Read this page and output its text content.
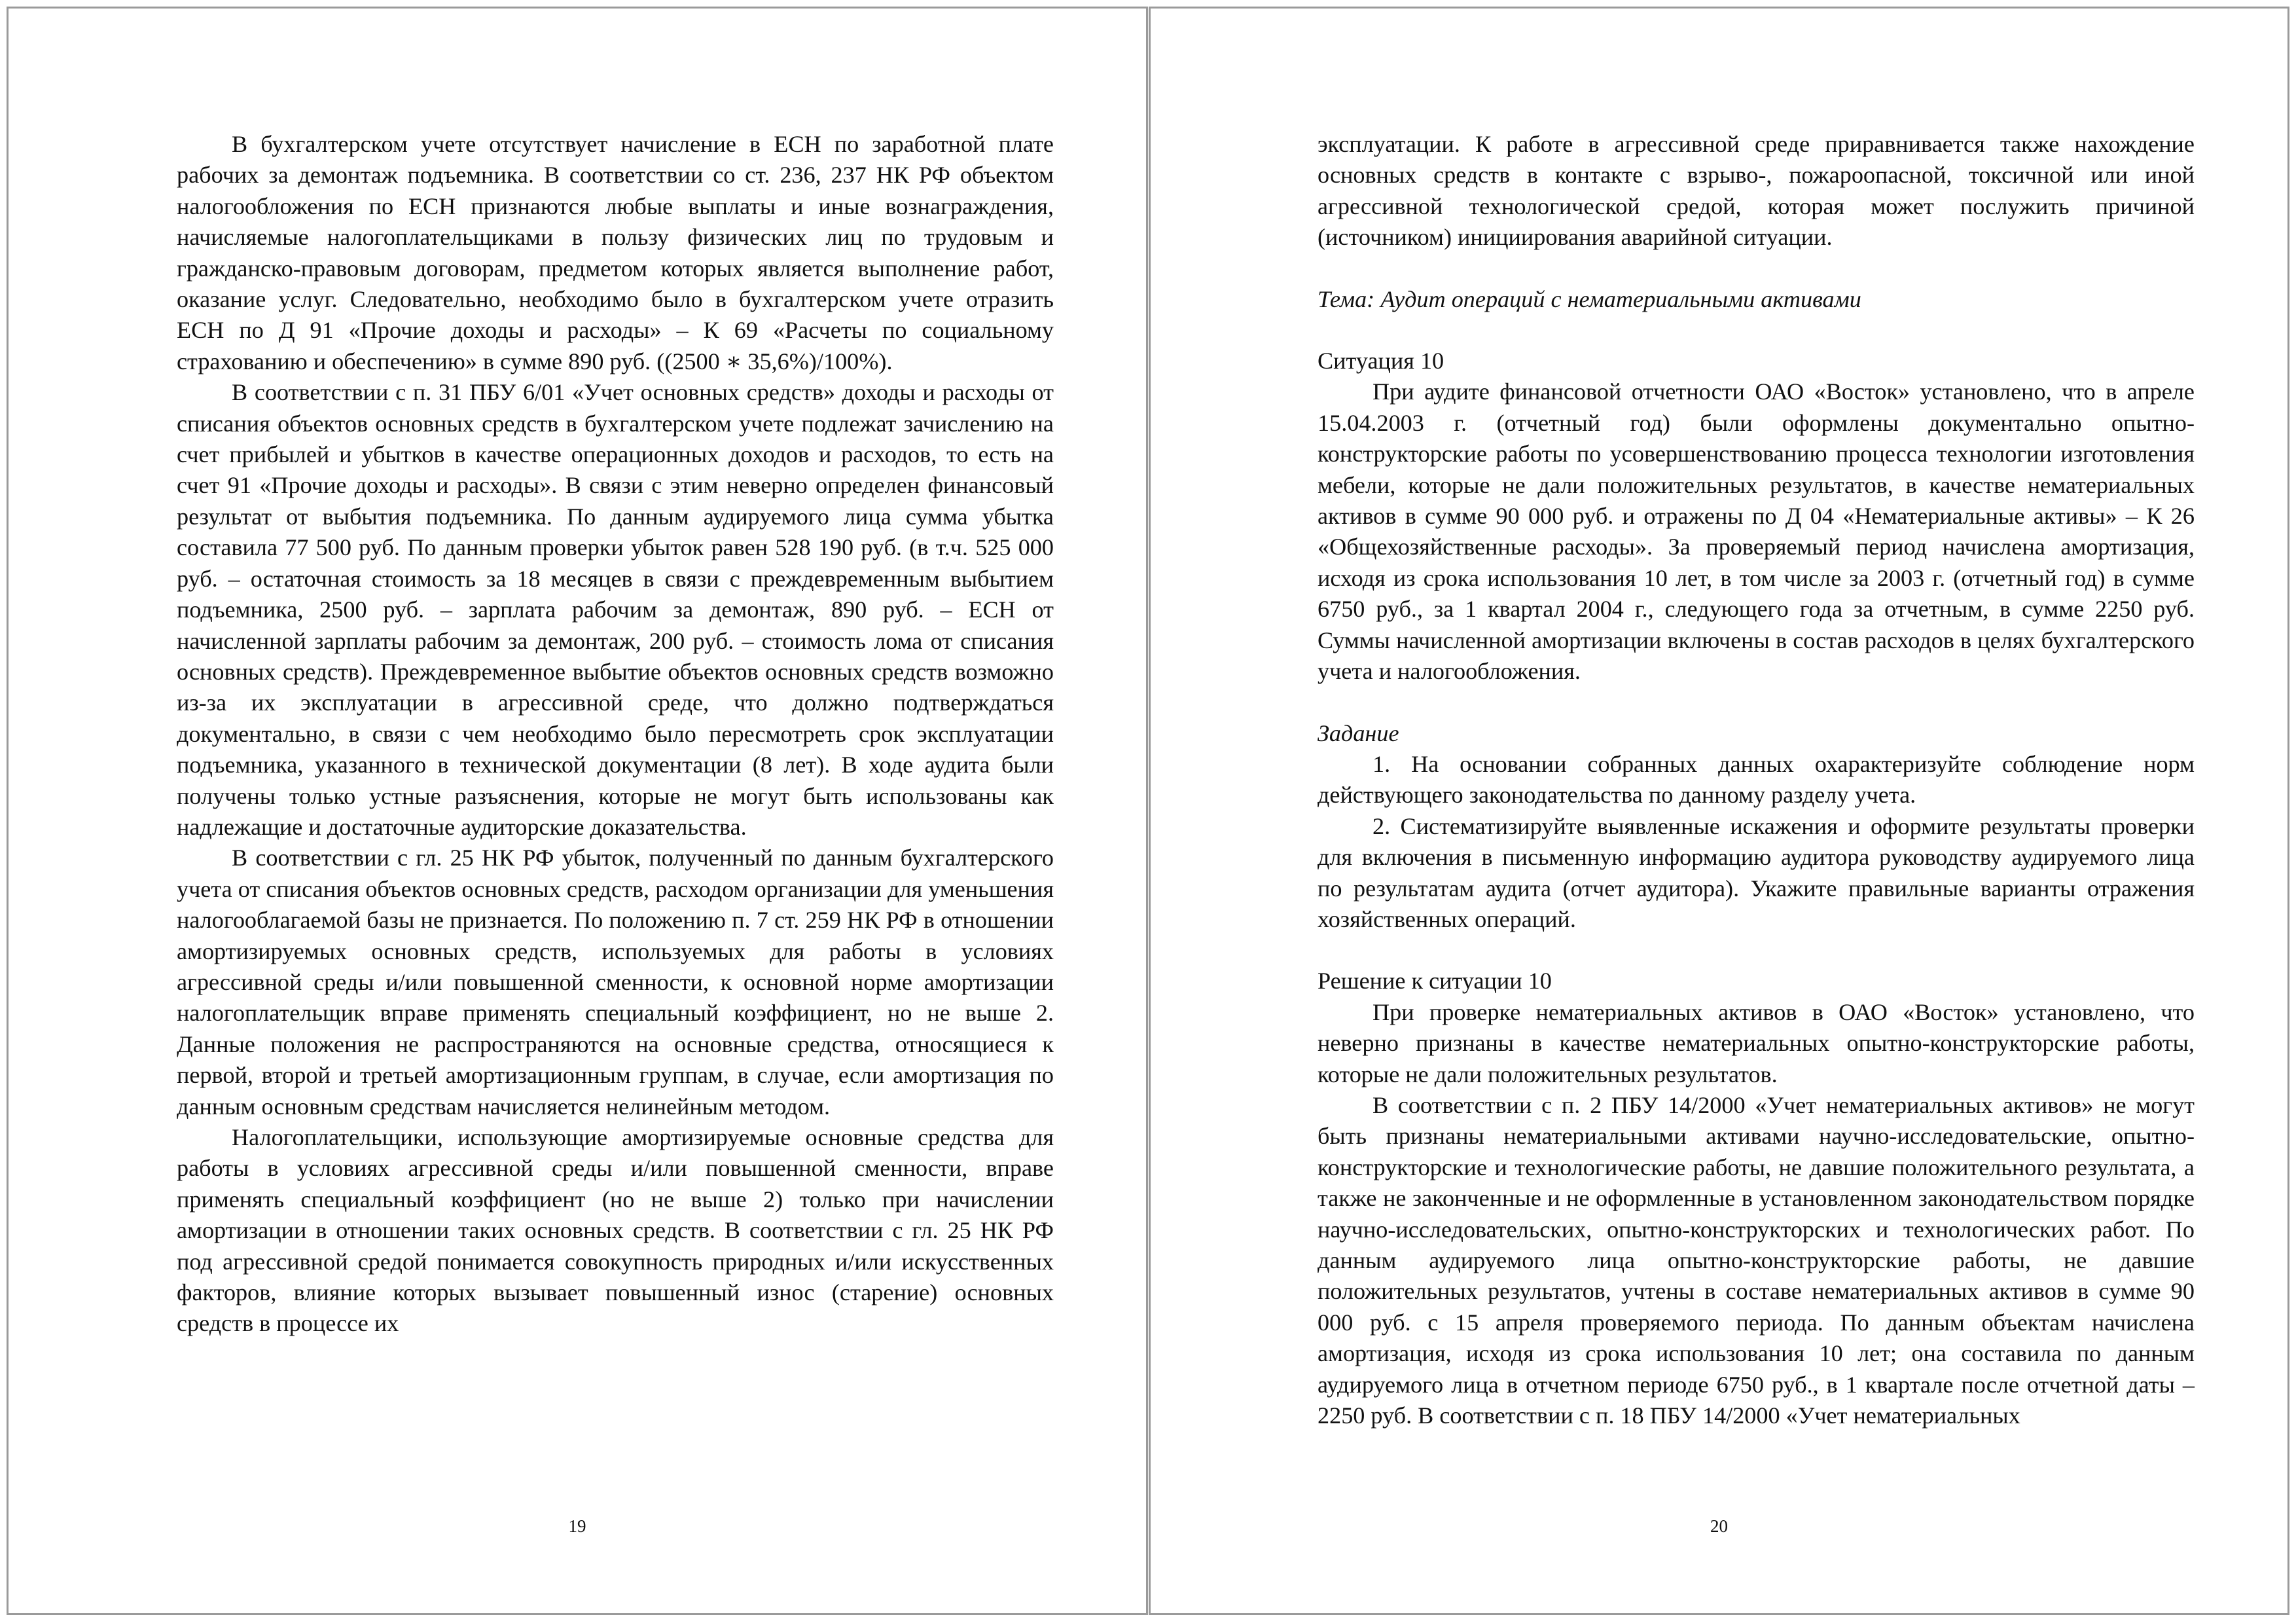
В бухгалтерском учете отсутствует начисление в ЕСН по заработной плате рабочих за демонтаж подъемника. В соответствии со ст. 236, 237 НК РФ объектом налогообложения по ЕСН признаются любые выплаты и иные вознаграждения, начисляемые налогоплательщиками в пользу физических лиц по трудовым и гражданско-правовым договорам, предметом которых является выполнение работ, оказание услуг. Следовательно, необходимо было в бухгалтерском учете отразить ЕСН по Д 91 «Прочие доходы и расходы» – К 69 «Расчеты по социальному страхованию и обеспечению» в сумме 890 руб. ((2500 ∗ 35,6%)/100%).

В соответствии с п. 31 ПБУ 6/01 «Учет основных средств» доходы и расходы от списания объектов основных средств в бухгалтерском учете подлежат зачислению на счет прибылей и убытков в качестве операционных доходов и расходов, то есть на счет 91 «Прочие доходы и расходы». В связи с этим неверно определен финансовый результат от выбытия подъемника. По данным аудируемого лица сумма убытка составила 77 500 руб. По данным проверки убыток равен 528 190 руб. (в т.ч. 525 000 руб. – остаточная стоимость за 18 месяцев в связи с преждевременным выбытием подъемника, 2500 руб. – зарплата рабочим за демонтаж, 890 руб. – ЕСН от начисленной зарплаты рабочим за демонтаж, 200 руб. – стоимость лома от списания основных средств). Преждевременное выбытие объектов основных средств возможно из-за их эксплуатации в агрессивной среде, что должно подтверждаться документально, в связи с чем необходимо было пересмотреть срок эксплуатации подъемника, указанного в технической документации (8 лет). В ходе аудита были получены только устные разъяснения, которые не могут быть использованы как надлежащие и достаточные аудиторские доказательства.

В соответствии с гл. 25 НК РФ убыток, полученный по данным бухгалтерского учета от списания объектов основных средств, расходом организации для уменьшения налогооблагаемой базы не признается. По положению п. 7 ст. 259 НК РФ в отношении амортизируемых основных средств, используемых для работы в условиях агрессивной среды и/или повышенной сменности, к основной норме амортизации налогоплательщик вправе применять специальный коэффициент, но не выше 2. Данные положения не распространяются на основные средства, относящиеся к первой, второй и третьей амортизационным группам, в случае, если амортизация по данным основным средствам начисляется нелинейным методом.

Налогоплательщики, использующие амортизируемые основные средства для работы в условиях агрессивной среды и/или повышенной сменности, вправе применять специальный коэффициент (но не выше 2) только при начислении амортизации в отношении таких основных средств. В соответствии с гл. 25 НК РФ под агрессивной средой понимается совокупность природных и/или искусственных факторов, влияние которых вызывает повышенный износ (старение) основных средств в процессе их

19

эксплуатации. К работе в агрессивной среде приравнивается также нахождение основных средств в контакте с взрыво-, пожароопасной, токсичной или иной агрессивной технологической средой, которая может послужить причиной (источником) инициирования аварийной ситуации.

Тема: Аудит операций с нематериальными активами

Ситуация 10

При аудите финансовой отчетности ОАО «Восток» установлено, что в апреле 15.04.2003 г. (отчетный год) были оформлены документально опытно-конструкторские работы по усовершенствованию процесса технологии изготовления мебели, которые не дали положительных результатов, в качестве нематериальных активов в сумме 90 000 руб. и отражены по Д 04 «Нематериальные активы» – К 26 «Общехозяйственные расходы». За проверяемый период начислена амортизация, исходя из срока использования 10 лет, в том числе за 2003 г. (отчетный год) в сумме 6750 руб., за 1 квартал 2004 г., следующего года за отчетным, в сумме 2250 руб. Суммы начисленной амортизации включены в состав расходов в целях бухгалтерского учета и налогообложения.

Задание

1. На основании собранных данных охарактеризуйте соблюдение норм действующего законодательства по данному разделу учета.

2. Систематизируйте выявленные искажения и оформите результаты проверки для включения в письменную информацию аудитора руководству аудируемого лица по результатам аудита (отчет аудитора). Укажите правильные варианты отражения хозяйственных операций.

Решение к ситуации 10

При проверке нематериальных активов в ОАО «Восток» установлено, что неверно признаны в качестве нематериальных опытно-конструкторские работы, которые не дали положительных результатов.

В соответствии с п. 2 ПБУ 14/2000 «Учет нематериальных активов» не могут быть признаны нематериальными активами научно-исследовательские, опытно-конструкторские и технологические работы, не давшие положительного результата, а также не законченные и не оформленные в установленном законодательством порядке научно-исследовательских, опытно-конструкторских и технологических работ. По данным аудируемого лица опытно-конструкторские работы, не давшие положительных результатов, учтены в составе нематериальных активов в сумме 90 000 руб. с 15 апреля проверяемого периода. По данным объектам начислена амортизация, исходя из срока использования 10 лет; она составила по данным аудируемого лица в отчетном периоде 6750 руб., в 1 квартале после отчетной даты – 2250 руб. В соответствии с п. 18 ПБУ 14/2000 «Учет нематериальных

20
